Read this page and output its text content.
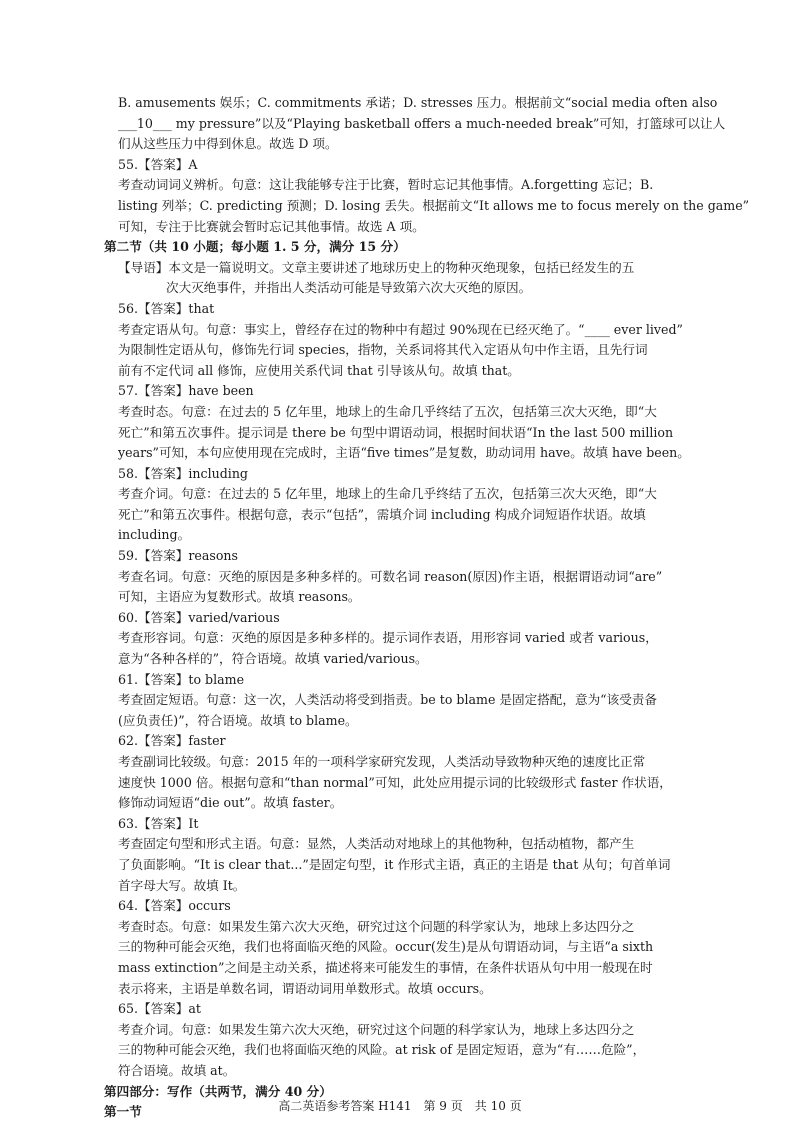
B. amusements 娱乐；C. commitments 承诺；D. stresses 压力。根据前文“social media often also
___10___ my pressure”以及“Playing basketball offers a much-needed break”可知，打篮球可以让人
们从这些压力中得到休息。故选 D 项。
55.【答案】A
考查动词词义辨析。句意：这让我能够专注于比赛，暂时忘记其他事情。A.forgetting 忘记；B.
listing 列举；C. predicting 预测；D. losing 丢失。根据前文“It allows me to focus merely on the game”
可知，专注于比赛就会暂时忘记其他事情。故选 A 项。
第二节（共 10 小题；每小题 1. 5 分，满分 15 分）
【导语】本文是一篇说明文。文章主要讲述了地球历史上的物种灭绝现象，包括已经发生的五
次大灭绝事件，并指出人类活动可能是导致第六次大灭绝的原因。
56.【答案】that
考查定语从句。句意：事实上，曾经存在过的物种中有超过 90%现在已经灭绝了。“____ ever lived”
为限制性定语从句，修饰先行词 species，指物，关系词将其代入定语从句中作主语，且先行词
前有不定代词 all 修饰，应使用关系代词 that 引导该从句。故填 that。
57.【答案】have been
考查时态。句意：在过去的 5 亿年里，地球上的生命几乎终结了五次，包括第三次大灭绝，即“大
死亡”和第五次事件。提示词是 there be 句型中谓语动词，根据时间状语“In the last 500 million
years”可知，本句应使用现在完成时，主语“five times”是复数，助动词用 have。故填 have been。
58.【答案】including
考查介词。句意：在过去的 5 亿年里，地球上的生命几乎终结了五次，包括第三次大灭绝，即“大
死亡”和第五次事件。根据句意，表示“包括”，需填介词 including 构成介词短语作状语。故填
including。
59.【答案】reasons
考查名词。句意：灭绝的原因是多种多样的。可数名词 reason(原因)作主语，根据谓语动词“are”
可知，主语应为复数形式。故填 reasons。
60.【答案】varied/various
考查形容词。句意：灭绝的原因是多种多样的。提示词作表语，用形容词 varied 或者 various，
意为“各种各样的”，符合语境。故填 varied/various。
61.【答案】to blame
考查固定短语。句意：这一次，人类活动将受到指责。be to blame 是固定搭配，意为“该受责备
(应负责任)”，符合语境。故填 to blame。
62.【答案】faster
考查副词比较级。句意：2015 年的一项科学家研究发现，人类活动导致物种灭绝的速度比正常
速度快 1000 倍。根据句意和“than normal”可知，此处应用提示词的比较级形式 faster 作状语，
修饰动词短语“die out”。故填 faster。
63.【答案】It
考查固定句型和形式主语。句意：显然，人类活动对地球上的其他物种，包括动植物，都产生
了负面影响。“It is clear that...”是固定句型，it 作形式主语，真正的主语是 that 从句；句首单词
首字母大写。故填 It。
64.【答案】occurs
考查时态。句意：如果发生第六次大灭绝，研究过这个问题的科学家认为，地球上多达四分之
三的物种可能会灭绝，我们也将面临灭绝的风险。occur(发生)是从句谓语动词，与主语“a sixth
mass extinction”之间是主动关系，描述将来可能发生的事情，在条件状语从句中用一般现在时
表示将来，主语是单数名词，谓语动词用单数形式。故填 occurs。
65.【答案】at
考查介词。句意：如果发生第六次大灭绝，研究过这个问题的科学家认为，地球上多达四分之
三的物种可能会灭绝，我们也将面临灭绝的风险。at risk of 是固定短语，意为“有……危险”，
符合语境。故填 at。
第四部分：写作（共两节，满分 40 分）
第一节	高二英语参考答案 H141　第 9 页　共 10 页
